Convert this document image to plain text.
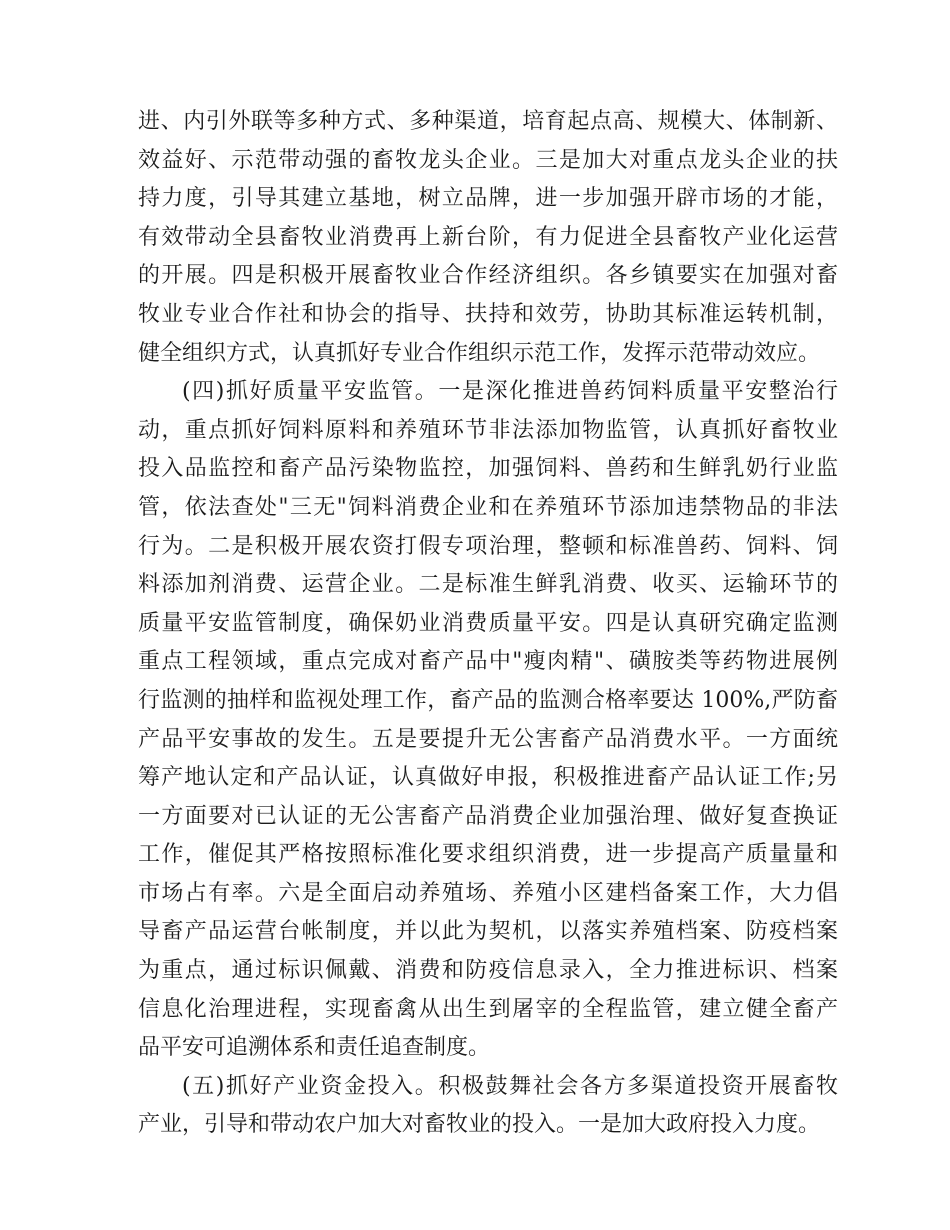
进、内引外联等多种方式、多种渠道，培育起点高、规模大、体制新、
效益好、示范带动强的畜牧龙头企业。三是加大对重点龙头企业的扶
持力度，引导其建立基地，树立品牌，进一步加强开辟市场的才能，
有效带动全县畜牧业消费再上新台阶，有力促进全县畜牧产业化运营
的开展。四是积极开展畜牧业合作经济组织。各乡镇要实在加强对畜
牧业专业合作社和协会的指导、扶持和效劳，协助其标准运转机制，
健全组织方式，认真抓好专业合作组织示范工作，发挥示范带动效应。
(四)抓好质量平安监管。一是深化推进兽药饲料质量平安整治行
动，重点抓好饲料原料和养殖环节非法添加物监管，认真抓好畜牧业
投入品监控和畜产品污染物监控，加强饲料、兽药和生鲜乳奶行业监
管，依法查处"三无"饲料消费企业和在养殖环节添加违禁物品的非法
行为。二是积极开展农资打假专项治理，整顿和标准兽药、饲料、饲
料添加剂消费、运营企业。二是标准生鲜乳消费、收买、运输环节的
质量平安监管制度，确保奶业消费质量平安。四是认真研究确定监测
重点工程领域，重点完成对畜产品中"瘦肉精"、磺胺类等药物进展例
行监测的抽样和监视处理工作，畜产品的监测合格率要达 100%,严防畜
产品平安事故的发生。五是要提升无公害畜产品消费水平。一方面统
筹产地认定和产品认证，认真做好申报，积极推进畜产品认证工作;另
一方面要对已认证的无公害畜产品消费企业加强治理、做好复查换证
工作，催促其严格按照标准化要求组织消费，进一步提高产质量量和
市场占有率。六是全面启动养殖场、养殖小区建档备案工作，大力倡
导畜产品运营台帐制度，并以此为契机，以落实养殖档案、防疫档案
为重点，通过标识佩戴、消费和防疫信息录入，全力推进标识、档案
信息化治理进程，实现畜禽从出生到屠宰的全程监管，建立健全畜产
品平安可追溯体系和责任追查制度。
(五)抓好产业资金投入。积极鼓舞社会各方多渠道投资开展畜牧
产业，引导和带动农户加大对畜牧业的投入。一是加大政府投入力度。
